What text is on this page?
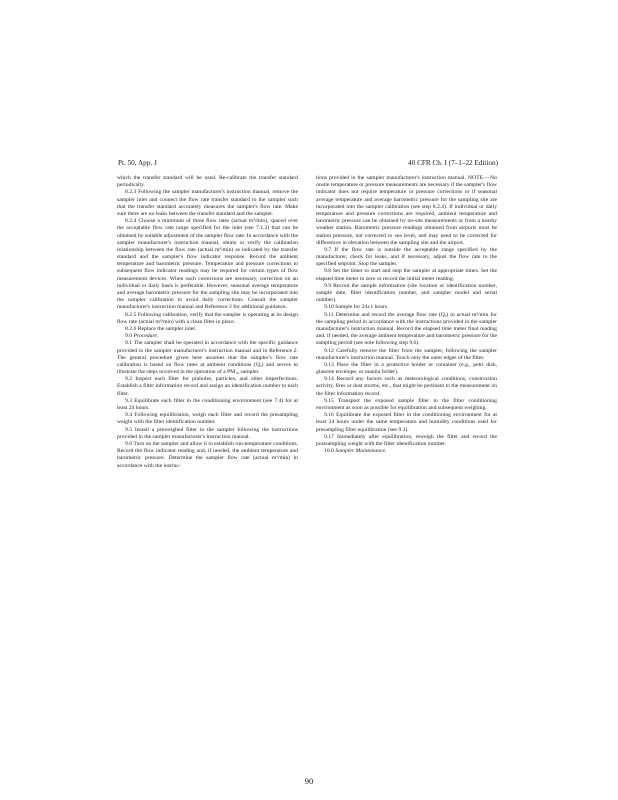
Pt. 50, App. J	40 CFR Ch. I (7–1–22 Edition)

which the transfer standard will be used. Re-calibrate the transfer standard periodically.

8.2.3 Following the sampler manufacturer's instruction manual, remove the sampler inlet and connect the flow rate transfer standard to the sampler such that the transfer standard accurately measures the sampler's flow rate. Make sure there are no leaks between the transfer standard and the sampler.

8.2.4 Choose a minimum of three flow rates (actual m³/min), spaced over the acceptable flow rate range specified for the inlet (see 7.1.2) that can be obtained by suitable adjustment of the sampler flow rate. In accordance with the sampler manufacturer's instruction manual, obtain or verify the calibration relationship between the flow rate (actual m³/min) as indicated by the transfer standard and the sampler's flow indicator response. Record the ambient temperature and barometric pressure. Temperature and pressure corrections to subsequent flow indicator readings may be required for certain types of flow measurement devices. When such corrections are necessary, correction on an individual or daily basis is preferable. However, seasonal average temperature and average barometric pressure for the sampling site may be incorporated into the sampler calibration to avoid daily corrections. Consult the sampler manufacturer's instruction manual and Reference 2 for additional guidance.

8.2.5 Following calibration, verify that the sampler is operating at its design flow rate (actual m³/min) with a clean filter in place.

8.2.6 Replace the sampler inlet.

9.0 Procedure.

9.1 The sampler shall be operated in accordance with the specific guidance provided in the sampler manufacturer's instruction manual and in Reference 2. The general procedure given here assumes that the sampler's flow rate calibration is based on flow rates at ambient conditions (Qₐ) and serves to illustrate the steps involved in the operation of a PM₁₀ sampler.

9.2 Inspect each filter for pinholes, particles, and other imperfections. Establish a filter information record and assign an identification number to each filter.

9.3 Equilibrate each filter in the conditioning environment (see 7.4) for at least 24 hours.

9.4 Following equilibration, weigh each filter and record the presampling weight with the filter identification number.

9.5 Install a preweighed filter in the sampler following the instructions provided in the sampler manufacturer's instruction manual.

9.6 Turn on the sampler and allow it to establish run-temperature conditions. Record the flow indicator reading and, if needed, the ambient temperature and barometric pressure. Determine the sampler flow rate (actual m³/min) in accordance with the instruc-

tions provided in the sampler manufacturer's instruction manual. NOTE.—No onsite temperature or pressure measurements are necessary if the sampler's flow indicator does not require temperature or pressure corrections or if seasonal average temperature and average barometric pressure for the sampling site are incorporated into the sampler calibration (see step 8.2.4). If individual or daily temperature and pressure corrections are required, ambient temperature and barometric pressure can be obtained by on-site measurements or from a nearby weather station. Barometric pressure readings obtained from airports must be station pressure, not corrected to sea level, and may need to be corrected for differences in elevation between the sampling site and the airport.

9.7 If the flow rate is outside the acceptable range specified by the manufacturer, check for leaks, and if necessary, adjust the flow rate to the specified setpoint. Stop the sampler.

9.8 Set the timer to start and stop the sampler at appropriate times. Set the elapsed time meter to zero or record the initial meter reading.

9.9 Record the sample information (site location or identification number, sample date, filter identification number, and sampler model and serial number).

9.10 Sample for 24±1 hours.

9.11 Determine and record the average flow rate (Qₐ) in actual m³/min for the sampling period in accordance with the instructions provided in the sampler manufacturer's instruction manual. Record the elapsed time meter final reading and, if needed, the average ambient temperature and barometric pressure for the sampling period (see note following step 9.6).

9.12 Carefully remove the filter from the sampler, following the sampler manufacturer's instruction manual. Touch only the outer edges of the filter.

9.13 Place the filter in a protective holder or container (e.g., petri dish, glassine envelope, or manila folder).

9.14 Record any factors such as meteorological conditions, construction activity, fires or dust storms, etc., that might be pertinent to the measurement on the filter information record.

9.15 Transport the exposed sample filter to the filter conditioning environment as soon as possible for equilibration and subsequent weighing.

9.16 Equilibrate the exposed filter in the conditioning environment for at least 24 hours under the same temperature and humidity conditions used for presampling filter equilibration (see 9.3).

9.17 Immediately after equilibration, reweigh the filter and record the postsampling weight with the filter identification number.

10.0 Sampler Maintenance.

90
